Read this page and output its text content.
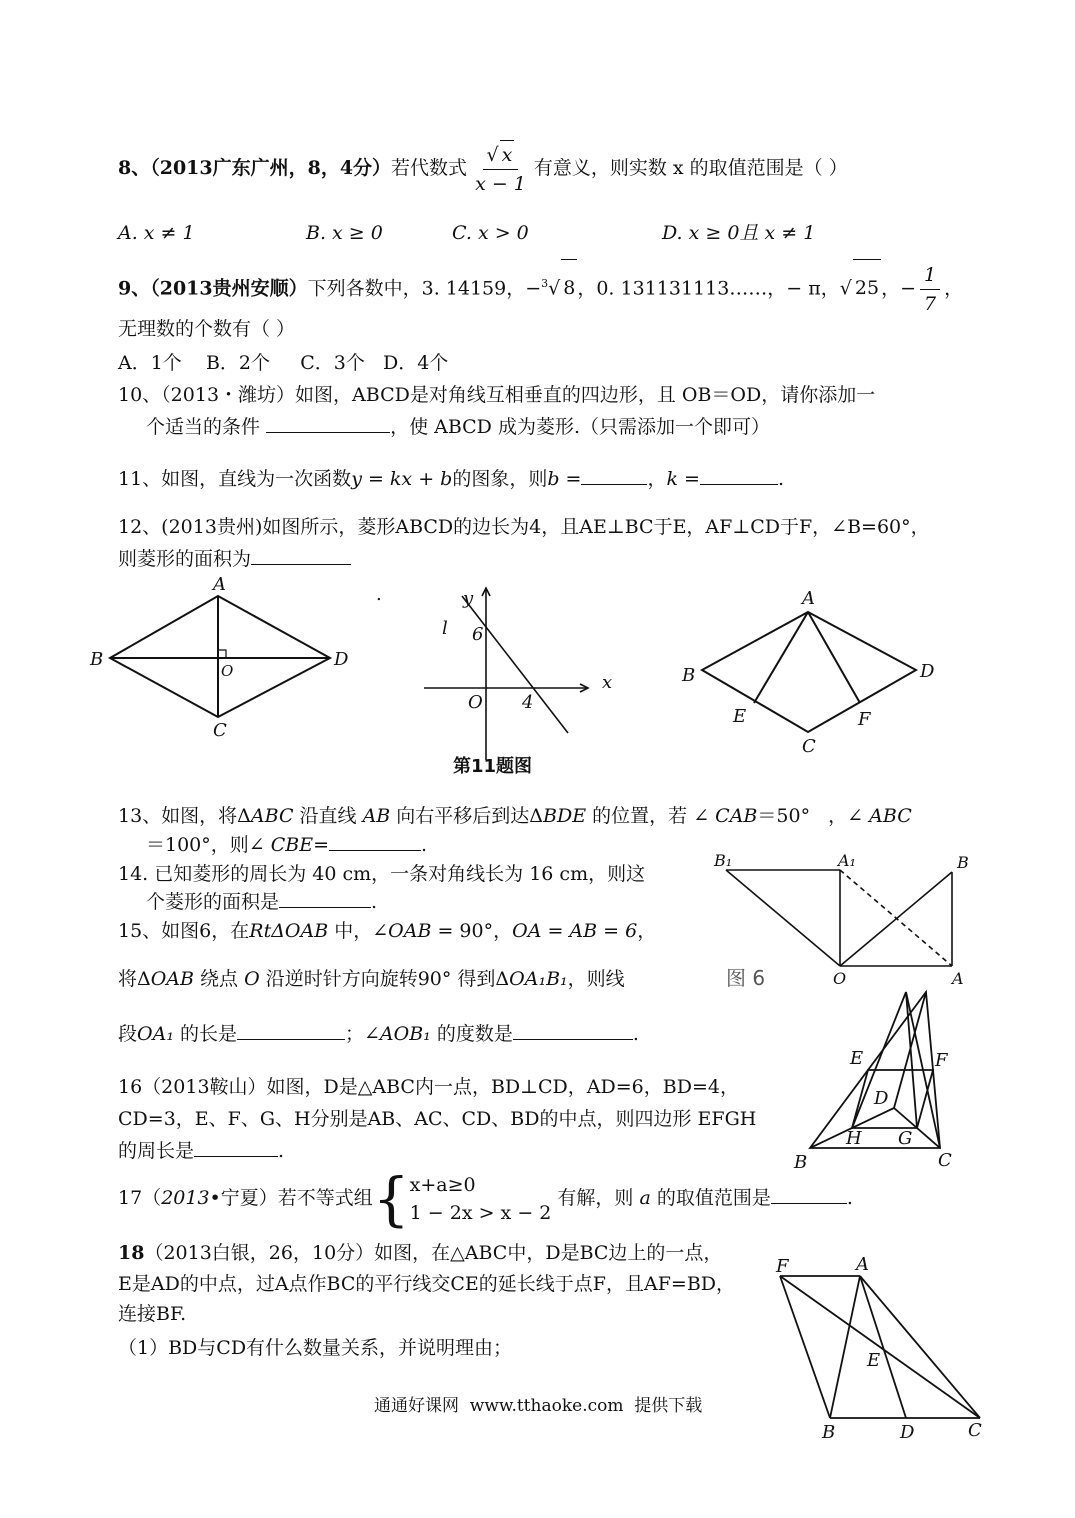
8、（2013广东广州，8，4分）若代数式 $\frac{√ x}{x - 1}$ 有意义，则实数 x 的取值范围是（ ）
A. x ≠ 1	B. x ≥ 0	C. x > 0	D. x ≥ 0且 x ≠ 1
9、（2013贵州安顺）下列各数中，3. 14159，−$^3$√ 8 ，0. 131131113……，− π，√ 25 ，− $\frac{1}{7}$ ，
无理数的个数有（ ）
A．1个    B．2个     C．3个   D．4个
10、（2013・潍坊）如图，ABCD是对角线互相垂直的四边形，且 OB＝OD，请你添加一
个适当的条件	，使 ABCD 成为菱形.（只需添加一个即可）
11、如图，直线为一次函数y = kx + b的图象，则b =	，k =	.
12、(2013贵州)如图所示，菱形ABCD的边长为4，且AE⊥BC于E，AF⊥CD于F，∠B=60°，
则菱形的面积为
A
B
O
D
C
.	y
l 6
x
O 4
第11题图
A
B	D
E	F
C
13、如图，将ΔABC 沿直线 AB 向右平移后到达ΔBDE 的位置，若 ∠ CAB＝50°   ，∠ ABC
＝100°，则∠ CBE=	.
14. 已知菱形的周长为 40 cm，一条对角线长为 16 cm，则这
个菱形的面积是	.
15、如图6，在RtΔOAB 中，∠OAB = 90°，OA = AB = 6，
将ΔOAB 绕点 O 沿逆时针方向旋转90° 得到ΔOA₁B₁，则线
段OA₁ 的长是	；∠AOB₁ 的度数是	.
B₁	A₁	B
O	A
图 6
16（2013鞍山）如图，D是△ABC内一点，BD⊥CD，AD=6，BD=4，
CD=3，E、F、G、H分别是AB、AC、CD、BD的中点，则四边形 EFGH
的周长是	.
E	F
D
H G
B	C
17（2013•宁夏）若不等式组{ x+a≥0
1 − 2x > x − 2
有解，则 a 的取值范围是	.
18（2013白银，26，10分）如图，在△ABC中，D是BC边上的一点，
E是AD的中点，过A点作BC的平行线交CE的延长线于点F，且AF=BD，
连接BF.
（1）BD与CD有什么数量关系，并说明理由；
F	A
E
B	D	C
通通好课网  www.tthaoke.com  提供下载
